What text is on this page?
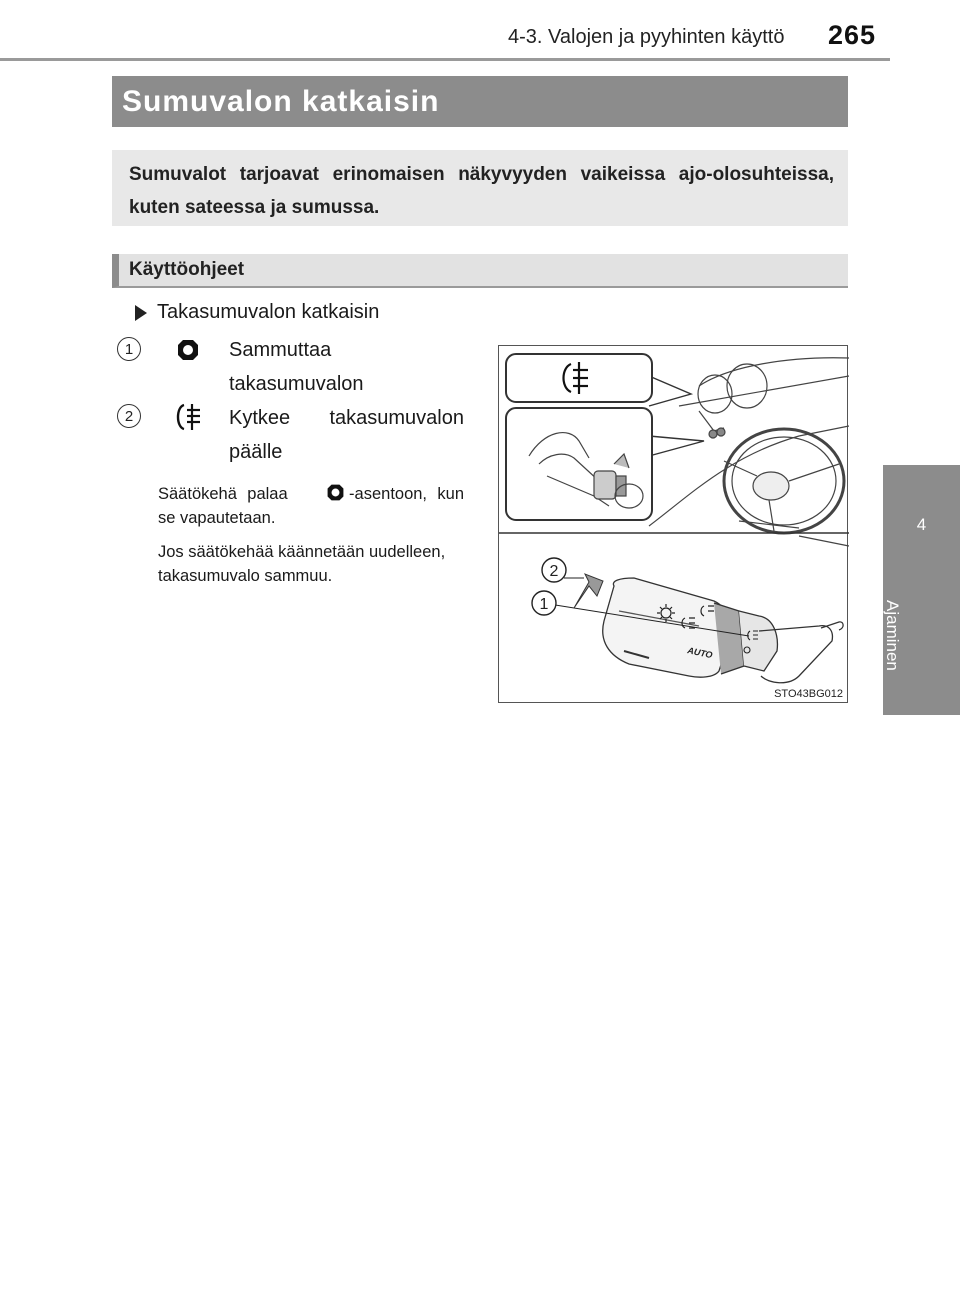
4-3. Valojen ja pyyhinten käyttö 265
4
Sumuvalon katkaisin
Sumuvalot tarjoavat erinomaisen näkyvyyden vaikeissa ajo-olosuhteissa, kuten sateessa ja sumussa.
Käyttöohjeet
Takasumuvalon katkaisin
1	Sammuttaa takasumuvalon
2	Kytkee takasumuvalon päälle
Säätökehä palaa	-asentoon, kun se vapautetaan.
Jos säätökehää käännetään uudelleen, takasumuvalo sammuu.
AUTO
2
1
STO43BG012
